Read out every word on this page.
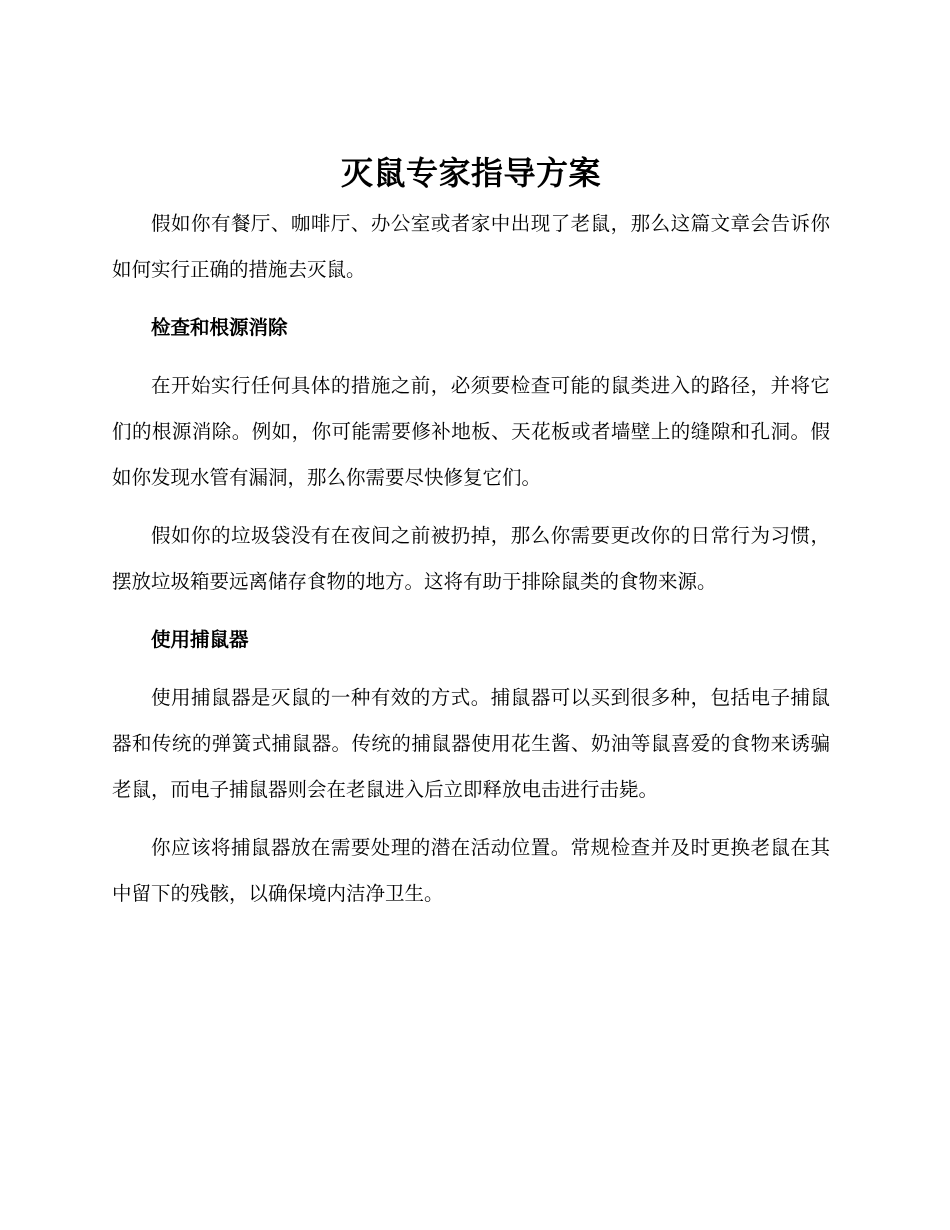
灭鼠专家指导方案

假如你有餐厅、咖啡厅、办公室或者家中出现了老鼠，那么这篇文章会告诉你如何实行正确的措施去灭鼠。

检查和根源消除

在开始实行任何具体的措施之前，必须要检查可能的鼠类进入的路径，并将它们的根源消除。例如，你可能需要修补地板、天花板或者墙壁上的缝隙和孔洞。假如你发现水管有漏洞，那么你需要尽快修复它们。

假如你的垃圾袋没有在夜间之前被扔掉，那么你需要更改你的日常行为习惯，摆放垃圾箱要远离储存食物的地方。这将有助于排除鼠类的食物来源。

使用捕鼠器

使用捕鼠器是灭鼠的一种有效的方式。捕鼠器可以买到很多种，包括电子捕鼠器和传统的弹簧式捕鼠器。传统的捕鼠器使用花生酱、奶油等鼠喜爱的食物来诱骗老鼠，而电子捕鼠器则会在老鼠进入后立即释放电击进行击毙。

你应该将捕鼠器放在需要处理的潜在活动位置。常规检查并及时更换老鼠在其中留下的残骸，以确保境内洁净卫生。
